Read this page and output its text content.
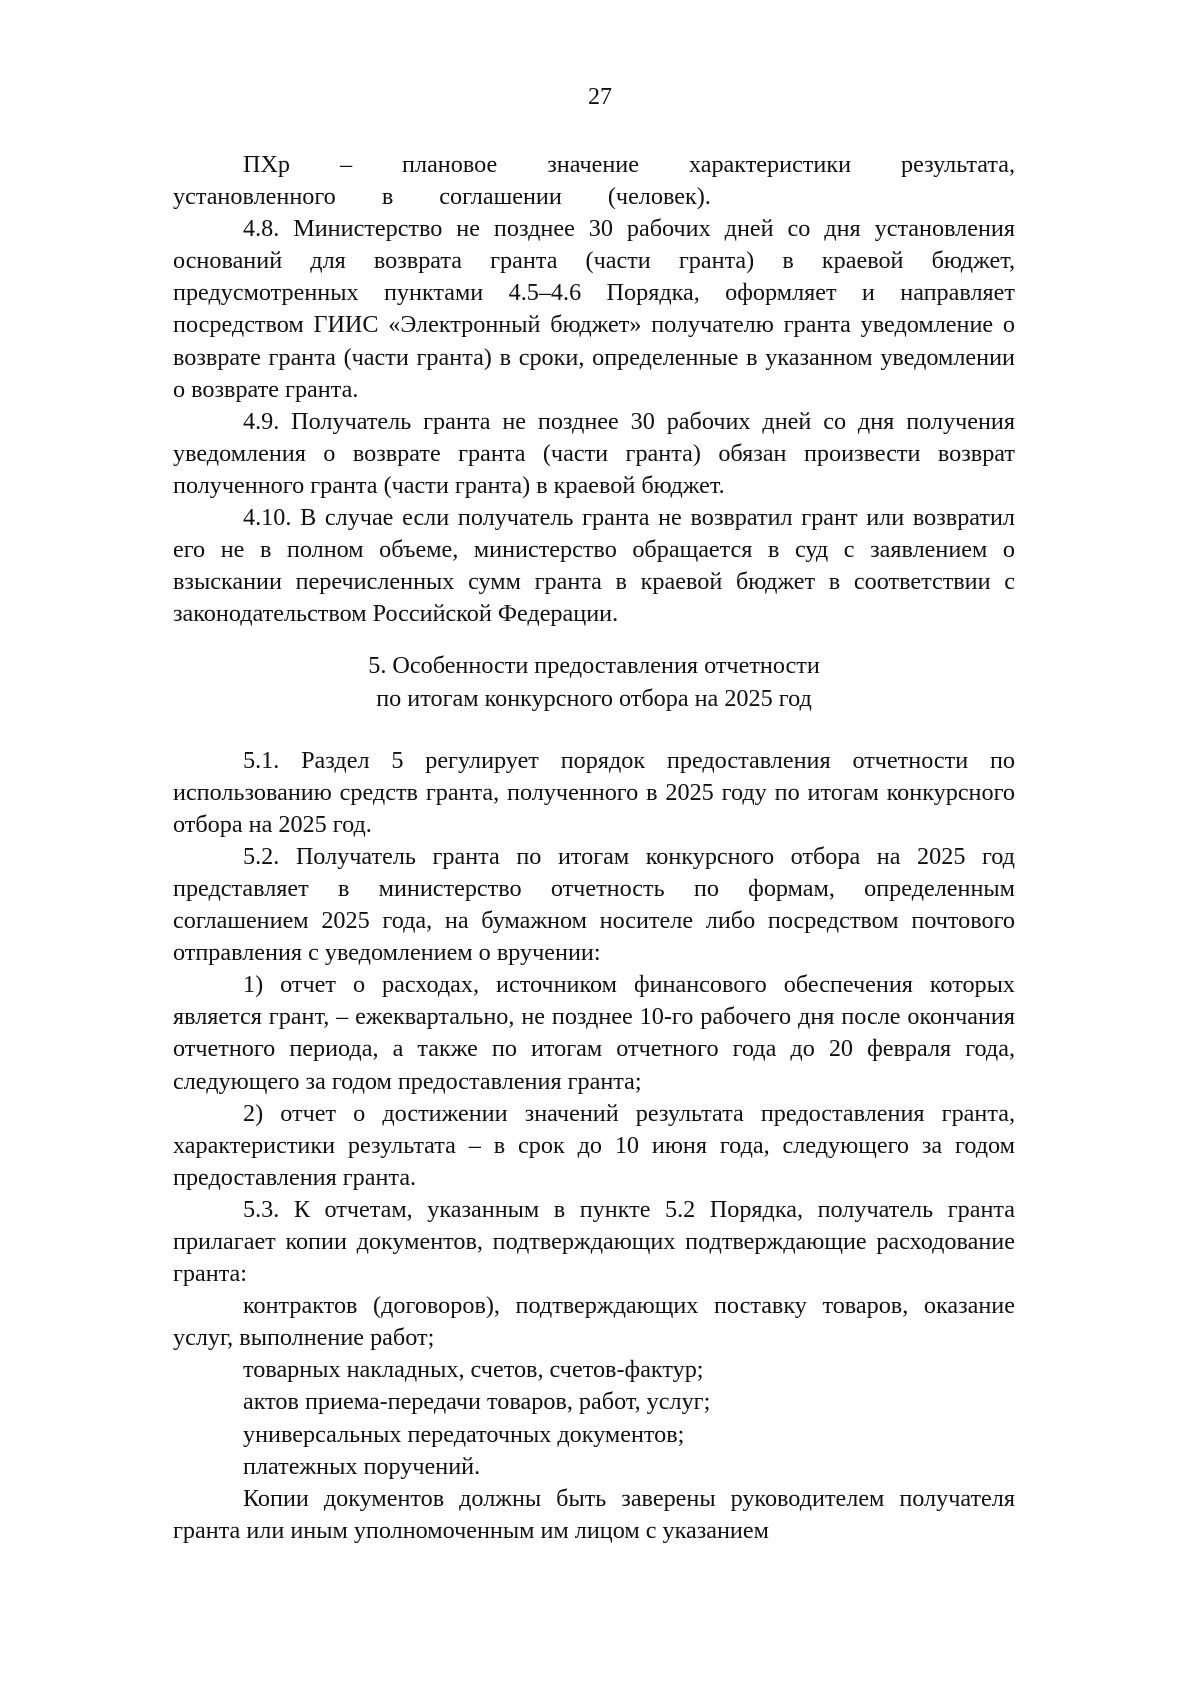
27

ПХр – плановое значение характеристики результата, установленного в соглашении (человек).

4.8. Министерство не позднее 30 рабочих дней со дня установления оснований для возврата гранта (части гранта) в краевой бюджет, предусмотренных пунктами 4.5–4.6 Порядка, оформляет и направляет посредством ГИИС «Электронный бюджет» получателю гранта уведомление о возврате гранта (части гранта) в сроки, определенные в указанном уведомлении о возврате гранта.

4.9. Получатель гранта не позднее 30 рабочих дней со дня получения уведомления о возврате гранта (части гранта) обязан произвести возврат полученного гранта (части гранта) в краевой бюджет.

4.10. В случае если получатель гранта не возвратил грант или возвратил его не в полном объеме, министерство обращается в суд с заявлением о взыскании перечисленных сумм гранта в краевой бюджет в соответствии с законодательством Российской Федерации.

5. Особенности предоставления отчетности
по итогам конкурсного отбора на 2025 год

5.1. Раздел 5 регулирует порядок предоставления отчетности по использованию средств гранта, полученного в 2025 году по итогам конкурсного отбора на 2025 год.

5.2. Получатель гранта по итогам конкурсного отбора на 2025 год представляет в министерство отчетность по формам, определенным соглашением 2025 года, на бумажном носителе либо посредством почтового отправления с уведомлением о вручении:

1) отчет о расходах, источником финансового обеспечения которых является грант, – ежеквартально, не позднее 10-го рабочего дня после окончания отчетного периода, а также по итогам отчетного года до 20 февраля года, следующего за годом предоставления гранта;

2) отчет о достижении значений результата предоставления гранта, характеристики результата – в срок до 10 июня года, следующего за годом предоставления гранта.

5.3. К отчетам, указанным в пункте 5.2 Порядка, получатель гранта прилагает копии документов, подтверждающих подтверждающие расходование гранта:

контрактов (договоров), подтверждающих поставку товаров, оказание услуг, выполнение работ;

товарных накладных, счетов, счетов-фактур;

актов приема-передачи товаров, работ, услуг;

универсальных передаточных документов;

платежных поручений.

Копии документов должны быть заверены руководителем получателя гранта или иным уполномоченным им лицом с указанием
